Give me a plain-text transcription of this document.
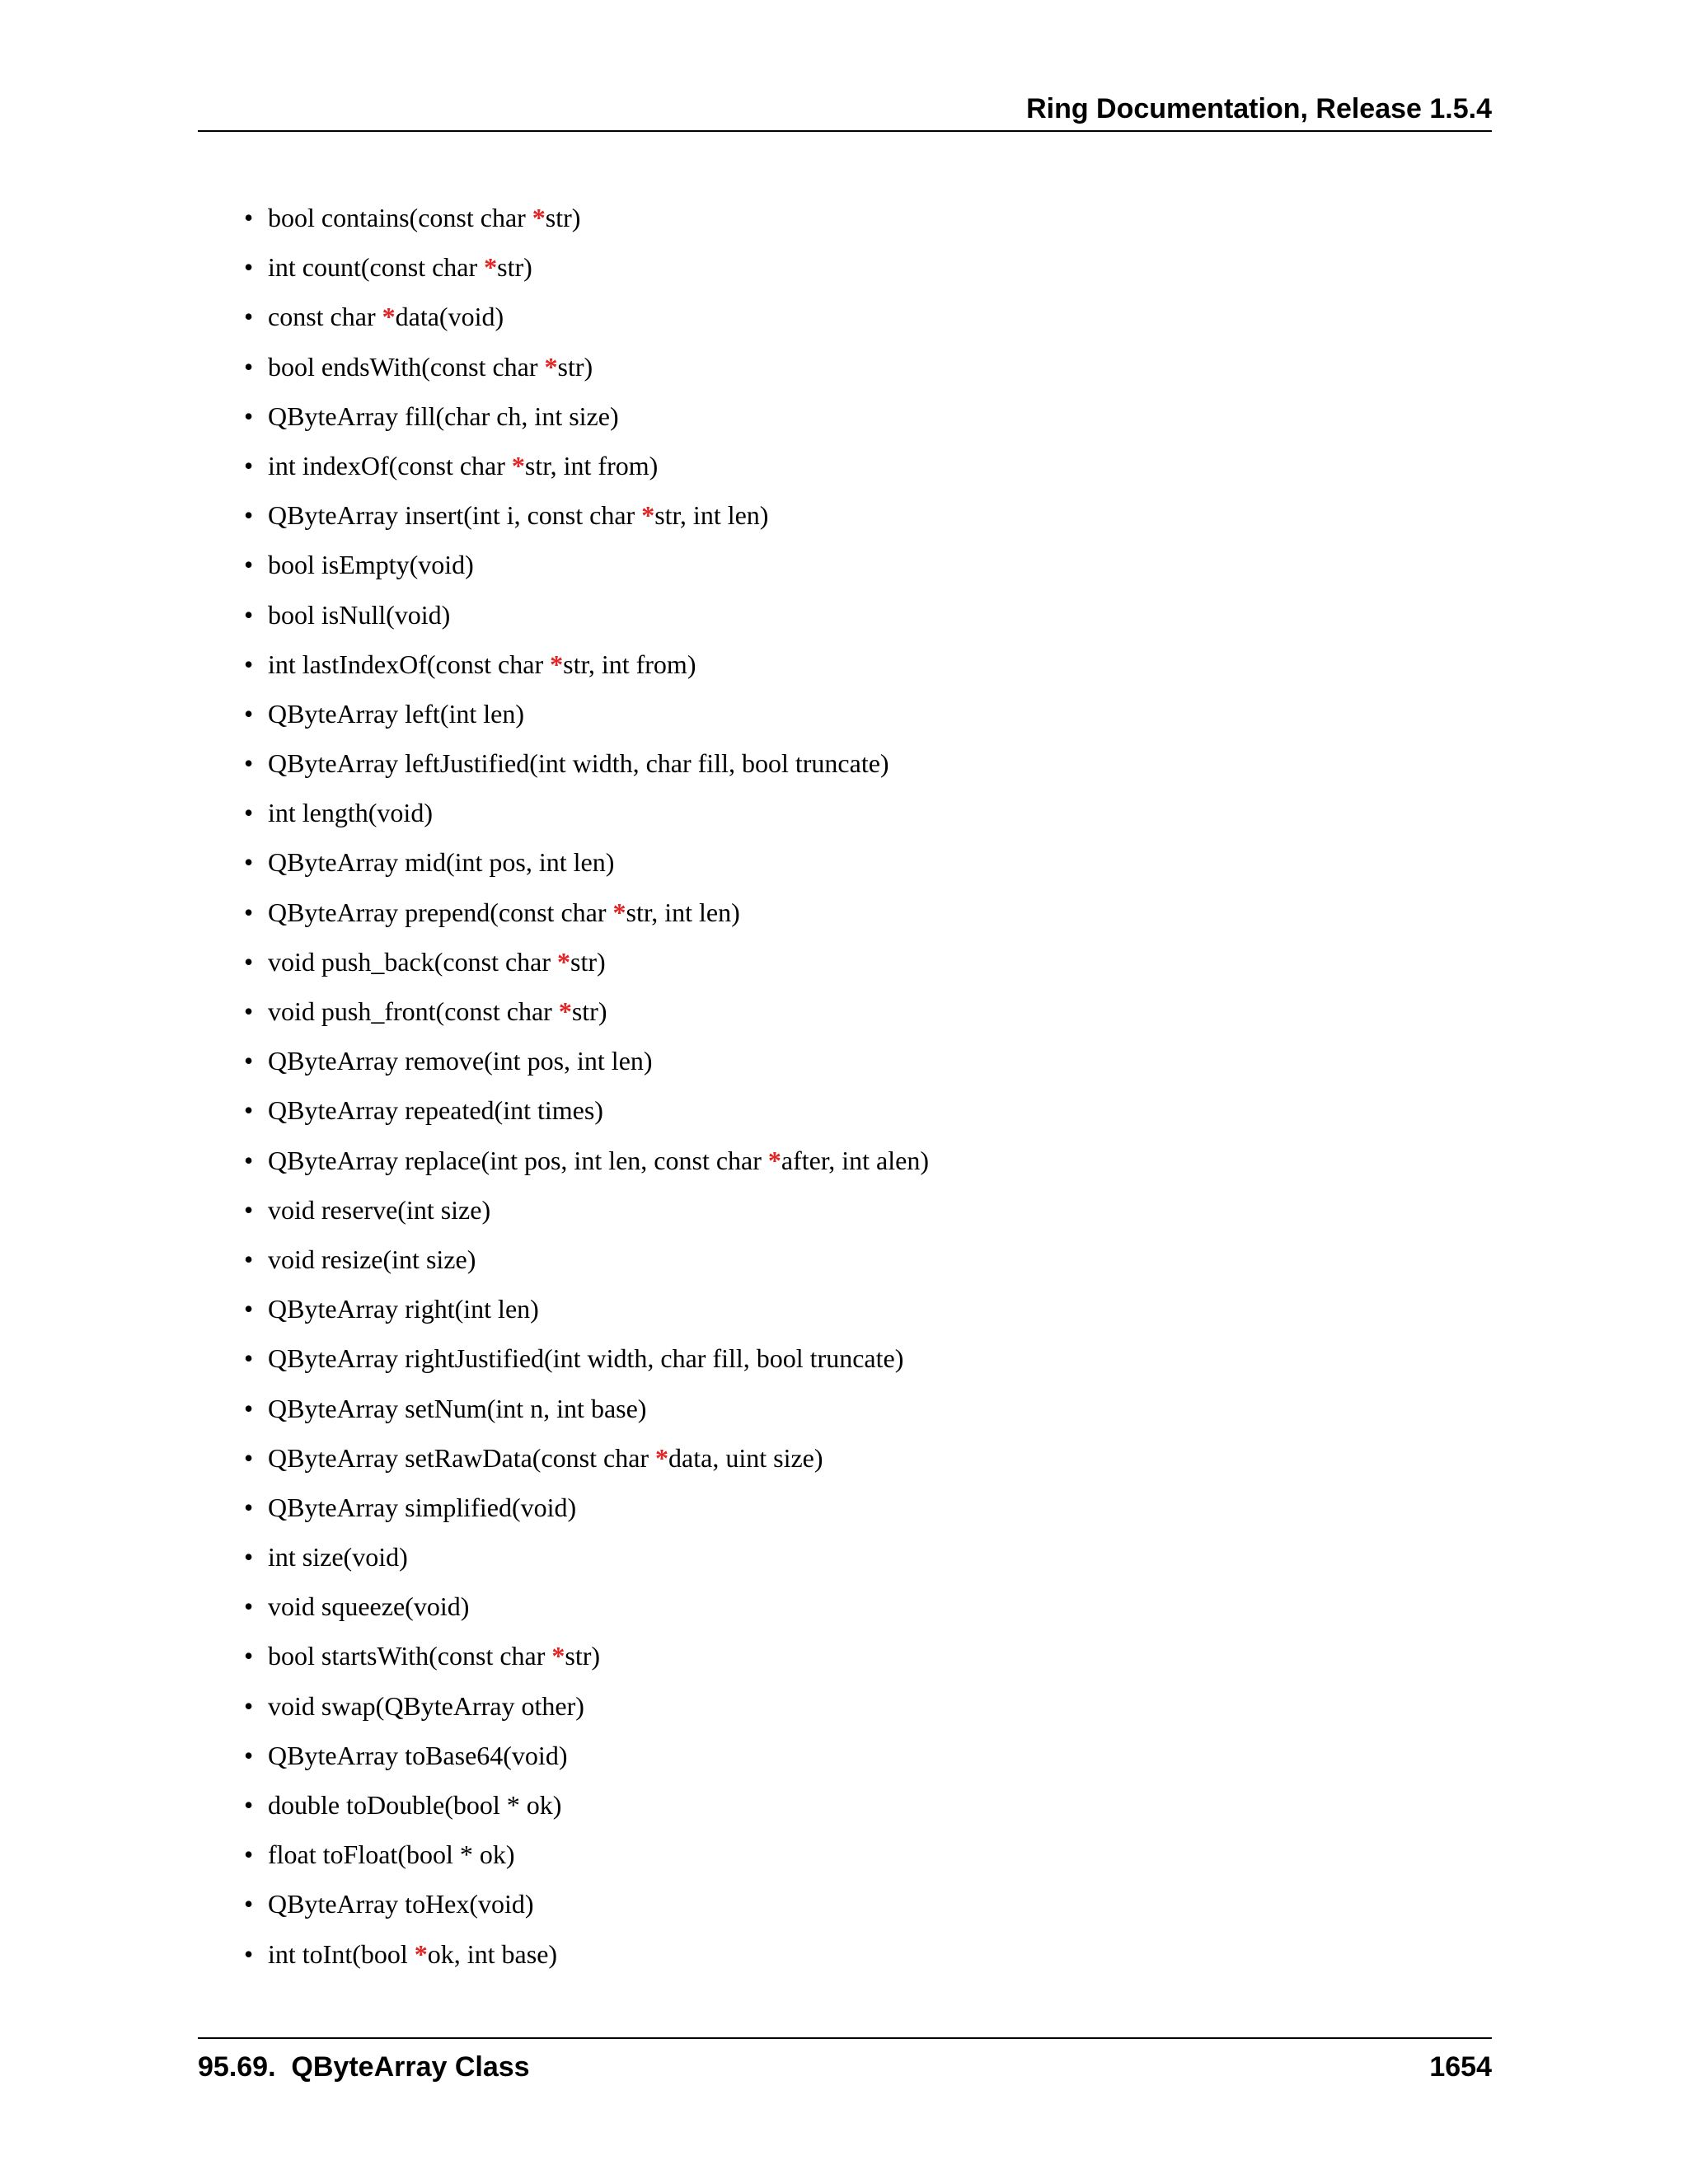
Ring Documentation, Release 1.5.4
• bool contains(const char *str)
• int count(const char *str)
• const char *data(void)
• bool endsWith(const char *str)
• QByteArray fill(char ch, int size)
• int indexOf(const char *str, int from)
• QByteArray insert(int i, const char *str, int len)
• bool isEmpty(void)
• bool isNull(void)
• int lastIndexOf(const char *str, int from)
• QByteArray left(int len)
• QByteArray leftJustified(int width, char fill, bool truncate)
• int length(void)
• QByteArray mid(int pos, int len)
• QByteArray prepend(const char *str, int len)
• void push_back(const char *str)
• void push_front(const char *str)
• QByteArray remove(int pos, int len)
• QByteArray repeated(int times)
• QByteArray replace(int pos, int len, const char *after, int alen)
• void reserve(int size)
• void resize(int size)
• QByteArray right(int len)
• QByteArray rightJustified(int width, char fill, bool truncate)
• QByteArray setNum(int n, int base)
• QByteArray setRawData(const char *data, uint size)
• QByteArray simplified(void)
• int size(void)
• void squeeze(void)
• bool startsWith(const char *str)
• void swap(QByteArray other)
• QByteArray toBase64(void)
• double toDouble(bool * ok)
• float toFloat(bool * ok)
• QByteArray toHex(void)
• int toInt(bool *ok, int base)
95.69.  QByteArray Class	1654
